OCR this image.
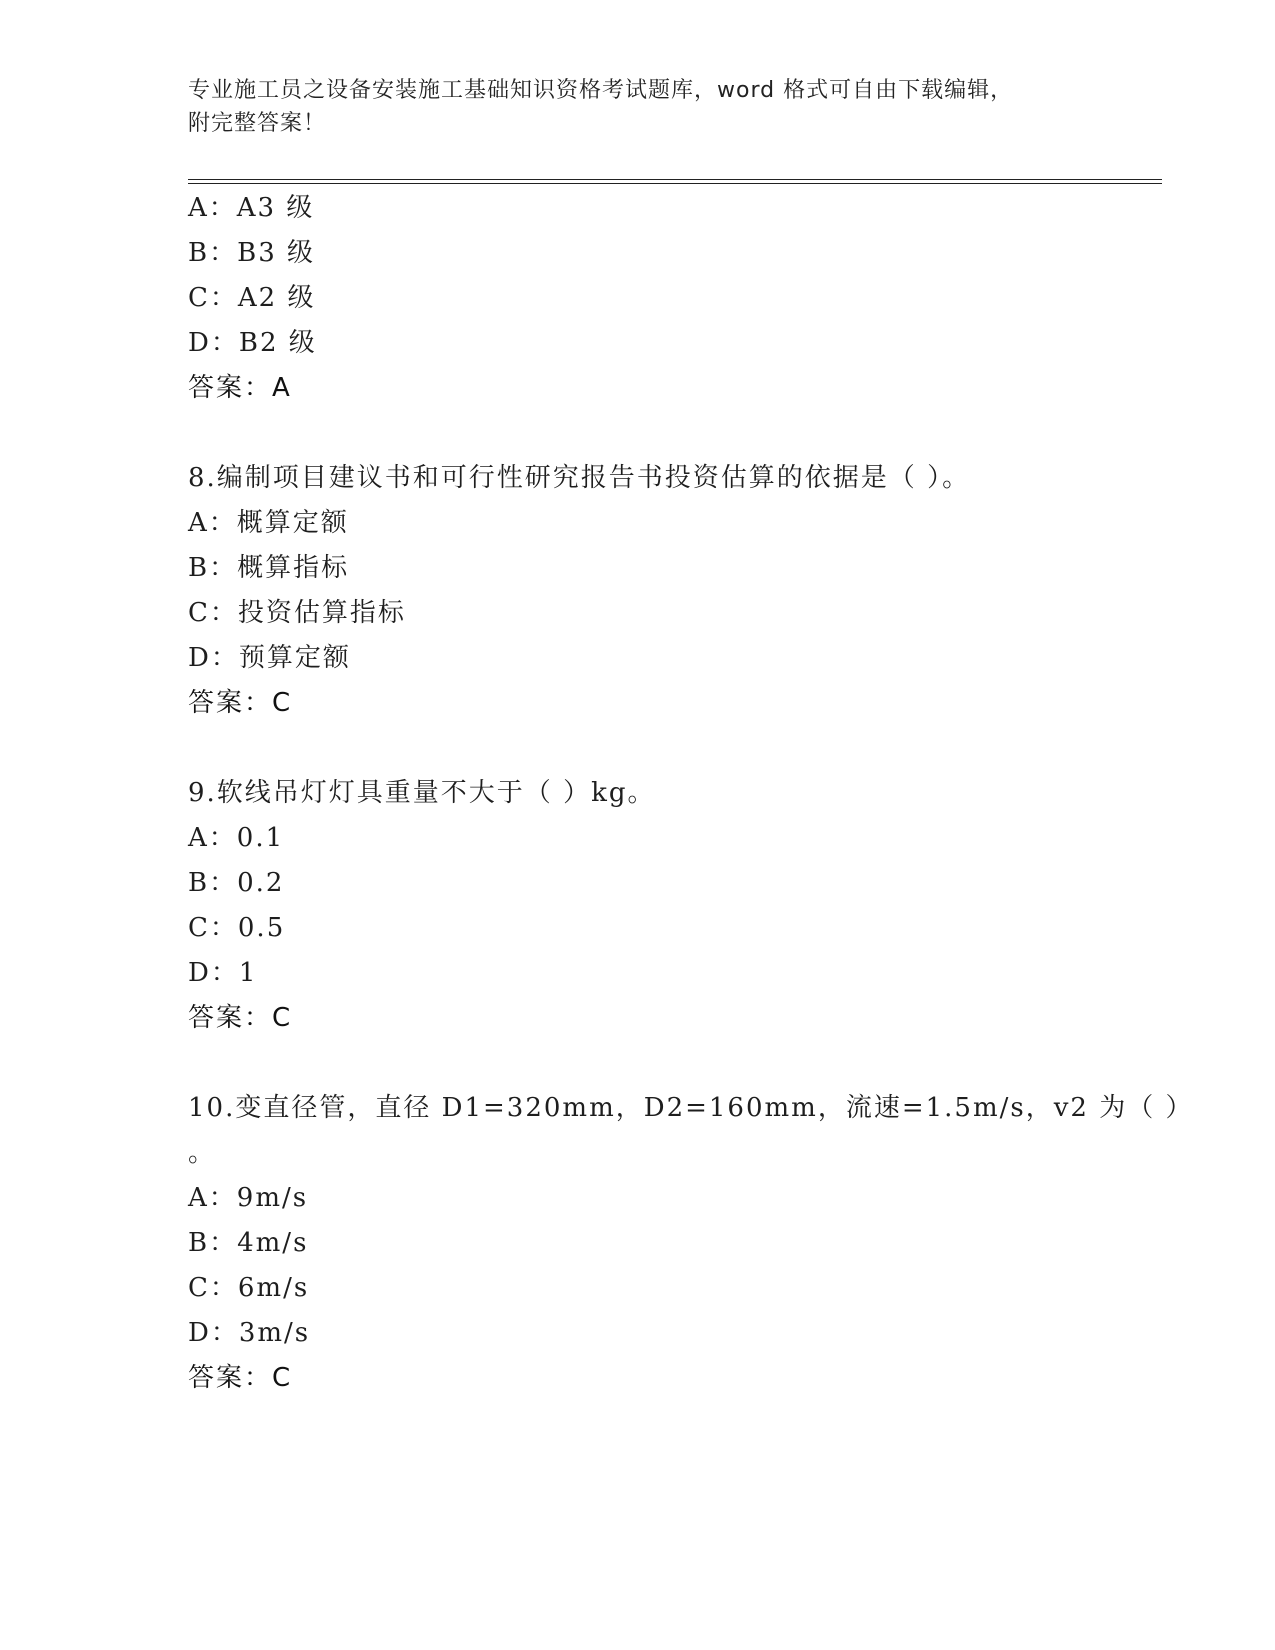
专业施工员之设备安装施工基础知识资格考试题库，word 格式可自由下载编辑，
附完整答案！
A：A3 级
B：B3 级
C：A2 级
D：B2 级
答案：A
8.编制项目建议书和可行性研究报告书投资估算的依据是（ ）。
A：概算定额
B：概算指标
C：投资估算指标
D：预算定额
答案：C
9.软线吊灯灯具重量不大于（ ）kg。
A：0.1
B：0.2
C：0.5
D：1
答案：C
10.变直径管，直径 D1=320mm，D2=160mm，流速=1.5m/s，v2 为（ ）
。
A：9m/s
B：4m/s
C：6m/s
D：3m/s
答案：C
